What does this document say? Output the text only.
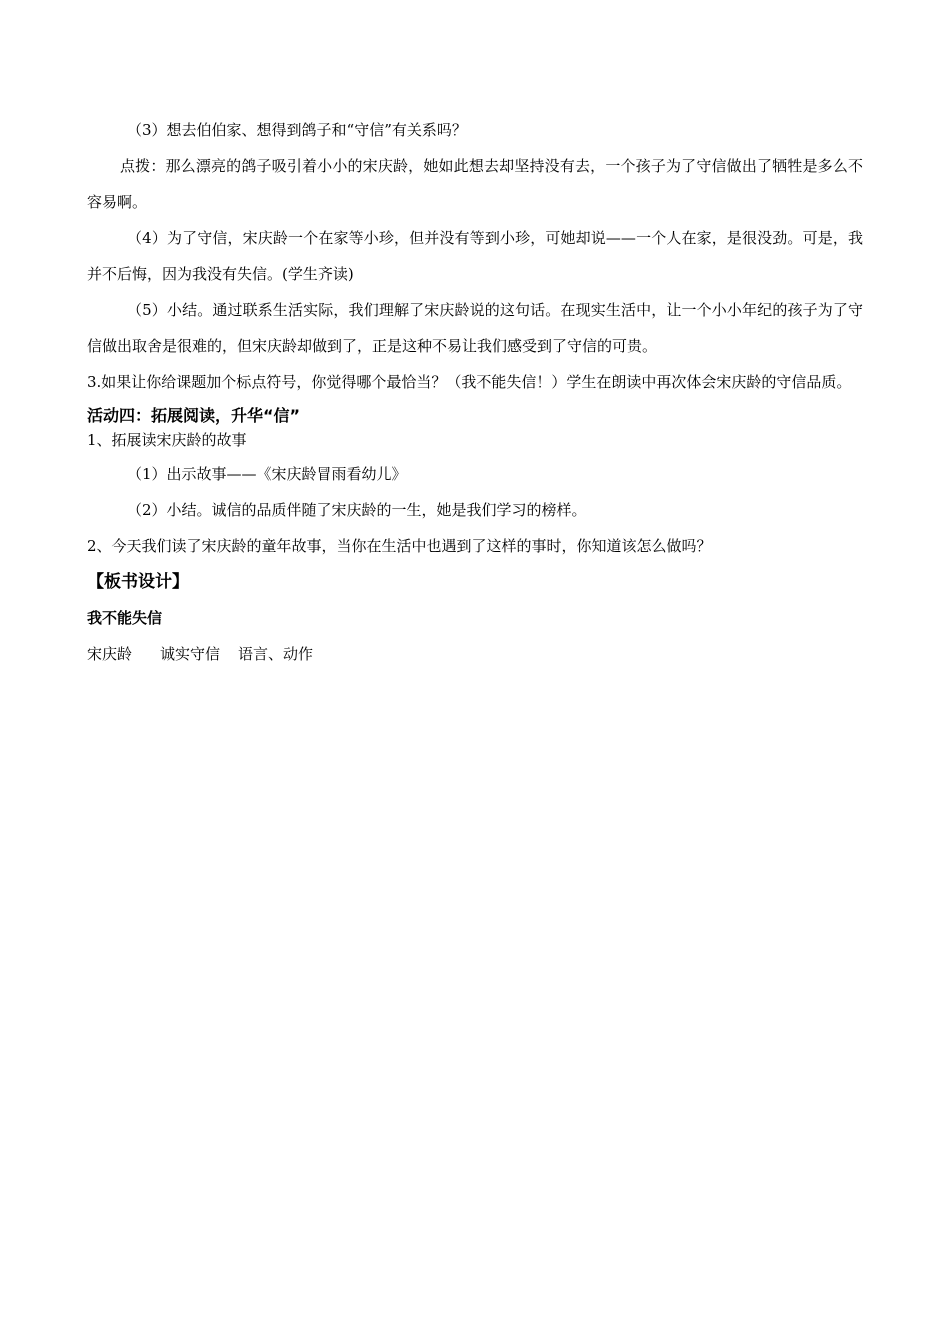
（3）想去伯伯家、想得到鸽子和“守信”有关系吗？

点拨：那么漂亮的鸽子吸引着小小的宋庆龄，她如此想去却坚持没有去，一个孩子为了守信做出了牺牲是多么不容易啊。

（4）为了守信，宋庆龄一个在家等小珍，但并没有等到小珍，可她却说——一个人在家，是很没劲。可是，我并不后悔，因为我没有失信。(学生齐读)

（5）小结。通过联系生活实际，我们理解了宋庆龄说的这句话。在现实生活中，让一个小小年纪的孩子为了守信做出取舍是很难的，但宋庆龄却做到了，正是这种不易让我们感受到了守信的可贵。

3.如果让你给课题加个标点符号，你觉得哪个最恰当？（我不能失信！）学生在朗读中再次体会宋庆龄的守信品质。

活动四：拓展阅读，升华“信”

1、拓展读宋庆龄的故事

（1）出示故事——《宋庆龄冒雨看幼儿》

（2）小结。诚信的品质伴随了宋庆龄的一生，她是我们学习的榜样。

2、今天我们读了宋庆龄的童年故事，当你在生活中也遇到了这样的事时，你知道该怎么做吗？

【板书设计】

我不能失信

宋庆龄 诚实守信 语言、动作
